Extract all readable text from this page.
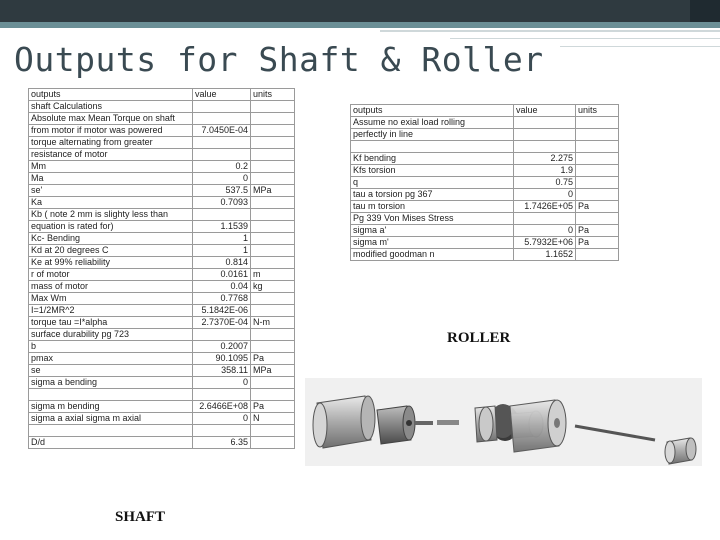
Outputs for Shaft & Roller
outputs	value	units
shaft Calculations		
Absolute max Mean Torque on shaft		
from motor if motor was powered	7.0450E-04	
torque alternating from greater		
resistance of motor		
Mm	0.2	
Ma	0	
se'	537.5	MPa
Ka	0.7093	
Kb ( note 2 mm is slighty less than		
equation is rated for)	1.1539	
Kc- Bending	1	
Kd at 20 degrees C	1	
Ke at 99% reliability	0.814	
r of motor	0.0161	m
mass of motor	0.04	kg
Max Wm	0.7768	
I=1/2MR^2	5.1842E-06	
torque tau =I*alpha	2.7370E-04	N-m
surface durability pg 723		
b	0.2007	
pmax	90.1095	Pa
se	358.11	MPa
sigma a bending	0	

sigma m bending	2.6466E+08	Pa
sigma a axial sigma m axial	0	N

D/d	6.35	
outputs	value	units
Assume no exial load rolling		
perfectly in line		

Kf bending	2.275	
Kfs torsion	1.9	
q	0.75	
tau a torsion pg 367	0	
tau m torsion	1.7426E+05	Pa
Pg 339 Von Mises Stress		
sigma a'	0	Pa
sigma m'	5.7932E+06	Pa
modified goodman n	1.1652	
ROLLER
SHAFT
